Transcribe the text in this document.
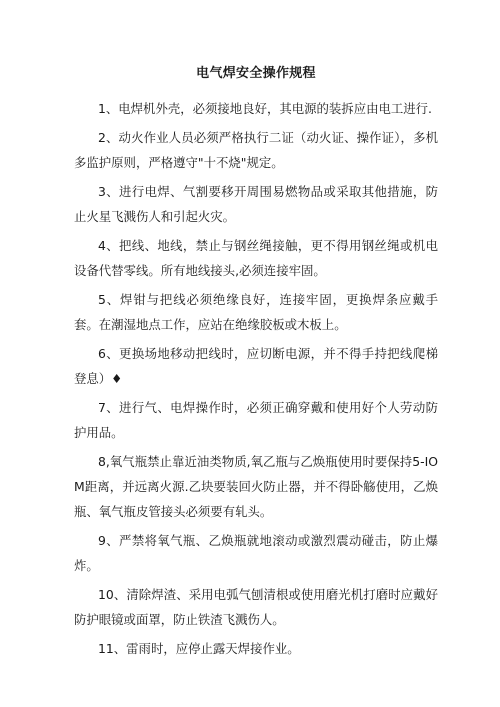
电气焊安全操作规程

1、电焊机外壳，必须接地良好，其电源的装拆应由电工进行.

2、动火作业人员必须严格执行二证（动火证、操作证），多机多监护原则，严格遵守"十不烧"规定。

3、进行电焊、气割要移开周围易燃物品或采取其他措施，防止火星飞溅伤人和引起火灾。

4、把线、地线，禁止与钢丝绳接触，更不得用钢丝绳或机电设备代替零线。所有地线接头,必须连接牢固。

5、焊钳与把线必须绝缘良好，连接牢固，更换焊条应戴手套。在潮湿地点工作，应站在绝缘胶板或木板上。

6、更换场地移动把线时，应切断电源，并不得手持把线爬梯登息）♦

7、进行气、电焊操作时，必须正确穿戴和使用好个人劳动防护用品。

8,氧气瓶禁止靠近油类物质,氧乙瓶与乙焕瓶使用时要保持5-IOM距离，并远离火源.乙块要装回火防止器，并不得卧觞使用，乙焕瓶、氧气瓶皮管接头必须要有轧头。

9、严禁将氧气瓶、乙焕瓶就地滚动或激烈震动碰击，防止爆炸。

10、清除焊渣、采用电弧气刨清根或使用磨光机打磨时应戴好防护眼镜或面罩，防止铁渣飞溅伤人。

11、雷雨时，应停止露天焊接作业。
